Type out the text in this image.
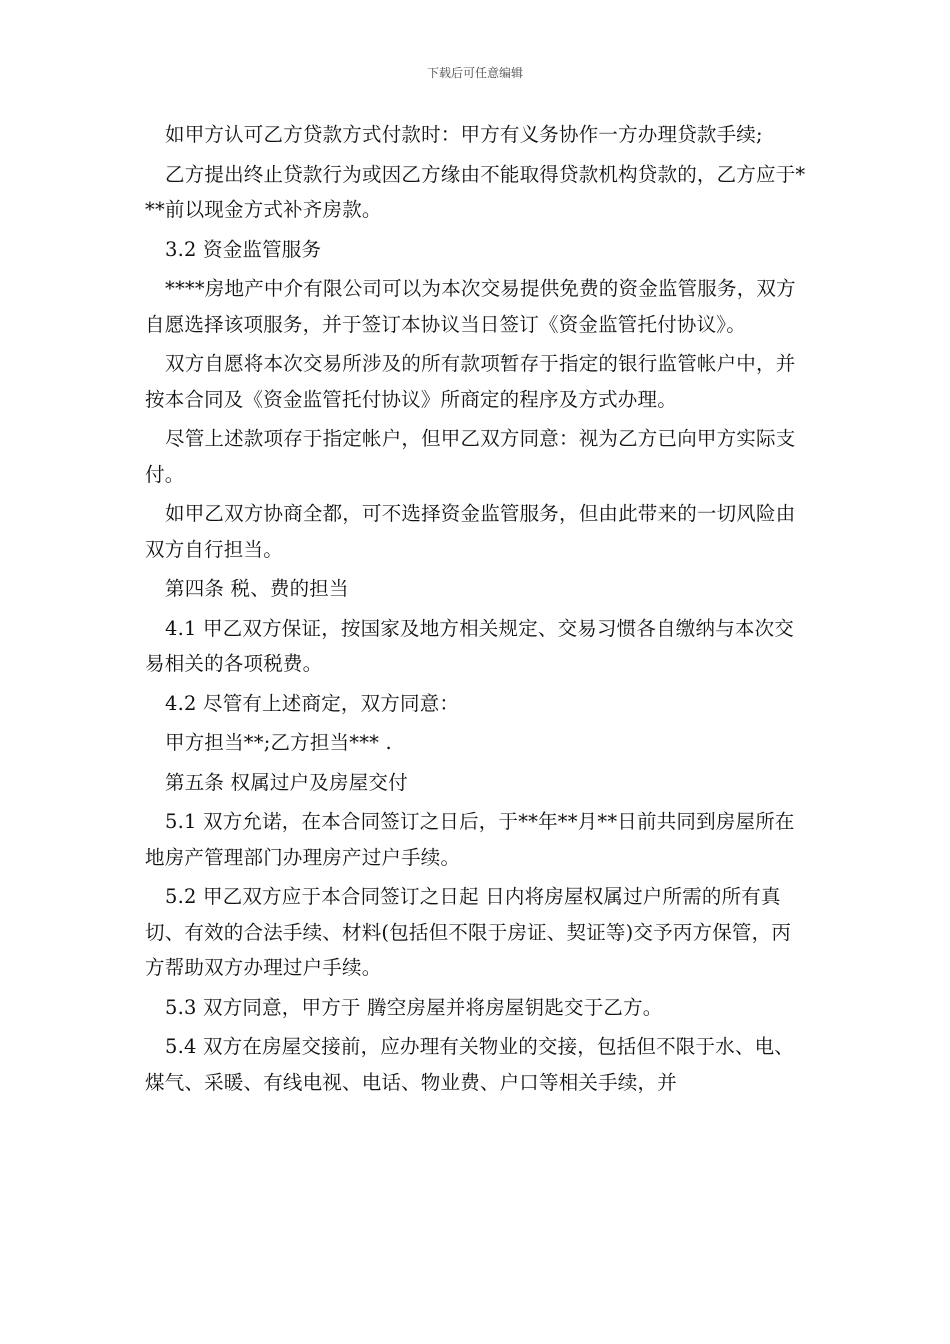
下载后可任意编辑

如甲方认可乙方贷款方式付款时：甲方有义务协作一方办理贷款手续;

乙方提出终止贷款行为或因乙方缘由不能取得贷款机构贷款的，乙方应于***前以现金方式补齐房款。

3.2 资金监管服务

****房地产中介有限公司可以为本次交易提供免费的资金监管服务，双方自愿选择该项服务，并于签订本协议当日签订《资金监管托付协议》。

双方自愿将本次交易所涉及的所有款项暂存于指定的银行监管帐户中，并按本合同及《资金监管托付协议》所商定的程序及方式办理。

尽管上述款项存于指定帐户，但甲乙双方同意：视为乙方已向甲方实际支付。

如甲乙双方协商全都，可不选择资金监管服务，但由此带来的一切风险由双方自行担当。

第四条 税、费的担当

4.1 甲乙双方保证，按国家及地方相关规定、交易习惯各自缴纳与本次交易相关的各项税费。

4.2 尽管有上述商定，双方同意：

甲方担当**;乙方担当*** .

第五条 权属过户及房屋交付

5.1 双方允诺，在本合同签订之日后，于**年**月**日前共同到房屋所在地房产管理部门办理房产过户手续。

5.2 甲乙双方应于本合同签订之日起 日内将房屋权属过户所需的所有真切、有效的合法手续、材料(包括但不限于房证、契证等)交予丙方保管，丙方帮助双方办理过户手续。

5.3 双方同意，甲方于 腾空房屋并将房屋钥匙交于乙方。

5.4 双方在房屋交接前，应办理有关物业的交接，包括但不限于水、电、煤气、采暖、有线电视、电话、物业费、户口等相关手续，并
